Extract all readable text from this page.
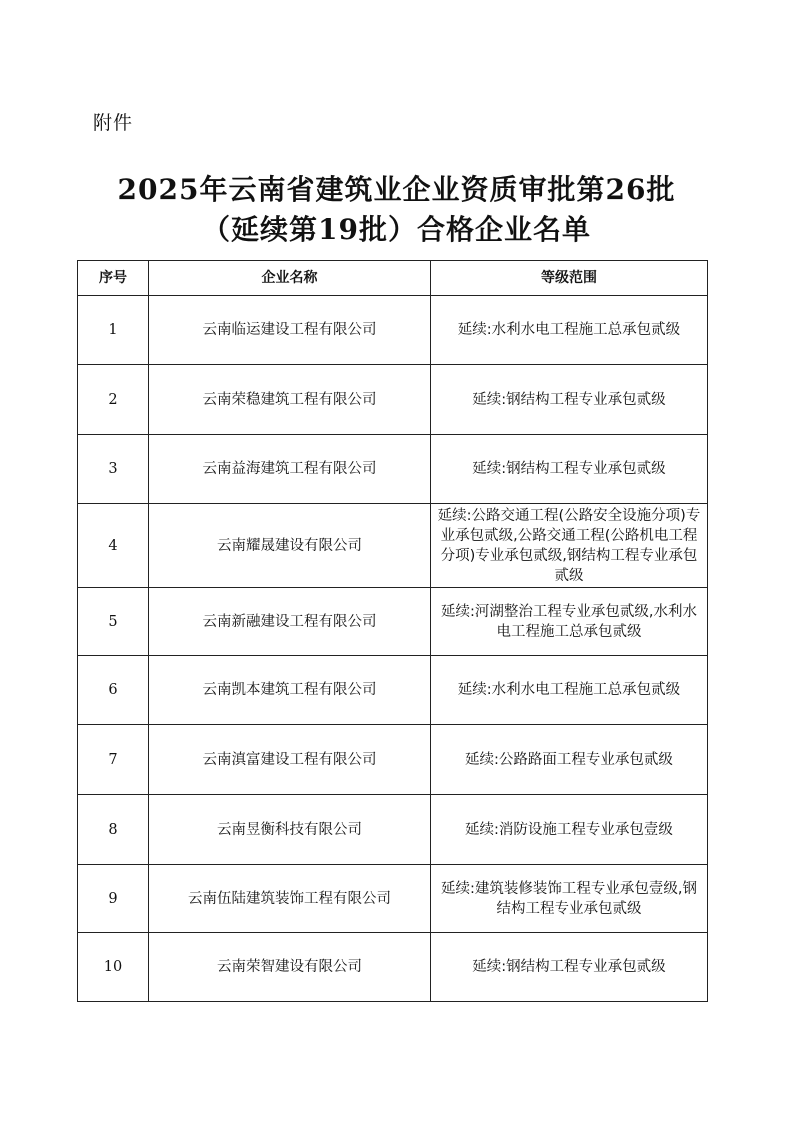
附件
2025年云南省建筑业企业资质审批第26批
（延续第19批）合格企业名单
序号	企业名称	等级范围
1	云南临运建设工程有限公司	延续:水利水电工程施工总承包贰级
2	云南荣稳建筑工程有限公司	延续:钢结构工程专业承包贰级
3	云南益海建筑工程有限公司	延续:钢结构工程专业承包贰级
4	云南耀晟建设有限公司	延续:公路交通工程(公路安全设施分项)专业承包贰级,公路交通工程(公路机电工程分项)专业承包贰级,钢结构工程专业承包贰级
5	云南新融建设工程有限公司	延续:河湖整治工程专业承包贰级,水利水电工程施工总承包贰级
6	云南凯本建筑工程有限公司	延续:水利水电工程施工总承包贰级
7	云南滇富建设工程有限公司	延续:公路路面工程专业承包贰级
8	云南昱衡科技有限公司	延续:消防设施工程专业承包壹级
9	云南伍陆建筑装饰工程有限公司	延续:建筑装修装饰工程专业承包壹级,钢结构工程专业承包贰级
10	云南荣智建设有限公司	延续:钢结构工程专业承包贰级
